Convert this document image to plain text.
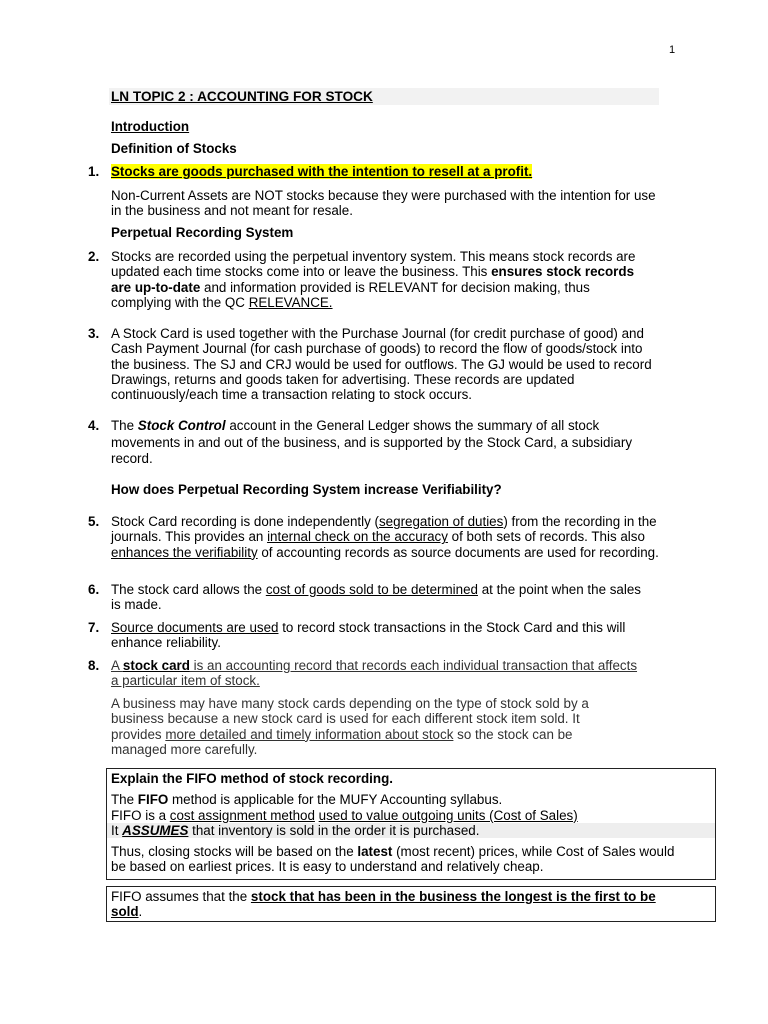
1
LN TOPIC 2 : ACCOUNTING FOR STOCK
Introduction
Definition of Stocks
1. Stocks are goods purchased with the intention to resell at a profit.
Non-Current Assets are NOT stocks because they were purchased with the intention for use in the business and not meant for resale.
Perpetual Recording System
2. Stocks are recorded using the perpetual inventory system. This means stock records are updated each time stocks come into or leave the business. This ensures stock records are up-to-date and information provided is RELEVANT for decision making, thus complying with the QC RELEVANCE.
3. A Stock Card is used together with the Purchase Journal (for credit purchase of good) and Cash Payment Journal (for cash purchase of goods) to record the flow of goods/stock into the business. The SJ and CRJ would be used for outflows. The GJ would be used to record Drawings, returns and goods taken for advertising. These records are updated continuously/each time a transaction relating to stock occurs.
4. The Stock Control account in the General Ledger shows the summary of all stock movements in and out of the business, and is supported by the Stock Card, a subsidiary record.
How does Perpetual Recording System increase Verifiability?
5. Stock Card recording is done independently (segregation of duties) from the recording in the journals. This provides an internal check on the accuracy of both sets of records. This also enhances the verifiability of accounting records as source documents are used for recording.
6. The stock card allows the cost of goods sold to be determined at the point when the sales is made.
7. Source documents are used to record stock transactions in the Stock Card and this will enhance reliability.
8. A stock card is an accounting record that records each individual transaction that affects a particular item of stock.
A business may have many stock cards depending on the type of stock sold by a business because a new stock card is used for each different stock item sold. It provides more detailed and timely information about stock so the stock can be managed more carefully.
Explain the FIFO method of stock recording.
The FIFO method is applicable for the MUFY Accounting syllabus.
FIFO is a cost assignment method used to value outgoing units (Cost of Sales)
It ASSUMES that inventory is sold in the order it is purchased.
Thus, closing stocks will be based on the latest (most recent) prices, while Cost of Sales would be based on earliest prices. It is easy to understand and relatively cheap.
FIFO assumes that the stock that has been in the business the longest is the first to be sold.
